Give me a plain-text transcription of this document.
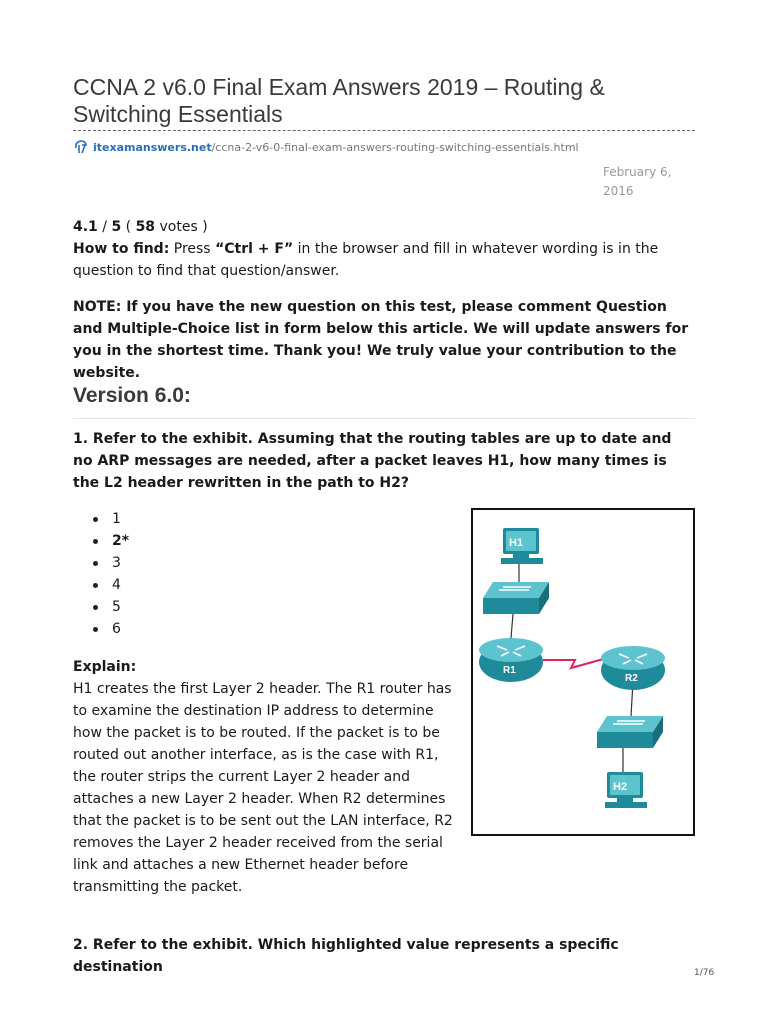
CCNA 2 v6.0 Final Exam Answers 2019 – Routing & Switching Essentials
itexamanswers.net /ccna-2-v6-0-final-exam-answers-routing-switching-essentials.html
February 6, 2016

4.1 / 5 ( 58 votes )

How to find: Press “Ctrl + F” in the browser and fill in whatever wording is in the question to find that question/answer.

NOTE: If you have the new question on this test, please comment Question and Multiple-Choice list in form below this article. We will update answers for you in the shortest time. Thank you! We truly value your contribution to the website.

Version 6.0:

1. Refer to the exhibit. Assuming that the routing tables are up to date and no ARP messages are needed, after a packet leaves H1, how many times is the L2 header rewritten in the path to H2?

1
2*
3
4
5
6

Explain:

H1 creates the first Layer 2 header. The R1 router has to examine the destination IP address to determine how the packet is to be routed. If the packet is to be routed out another interface, as is the case with R1, the router strips the current Layer 2 header and attaches a new Layer 2 header. When R2 determines that the packet is to be sent out the LAN interface, R2 removes the Layer 2 header received from the serial link and attaches a new Ethernet header before transmitting the packet.

H1
R1
R2
H2

2. Refer to the exhibit. Which highlighted value represents a specific destination	1/76
